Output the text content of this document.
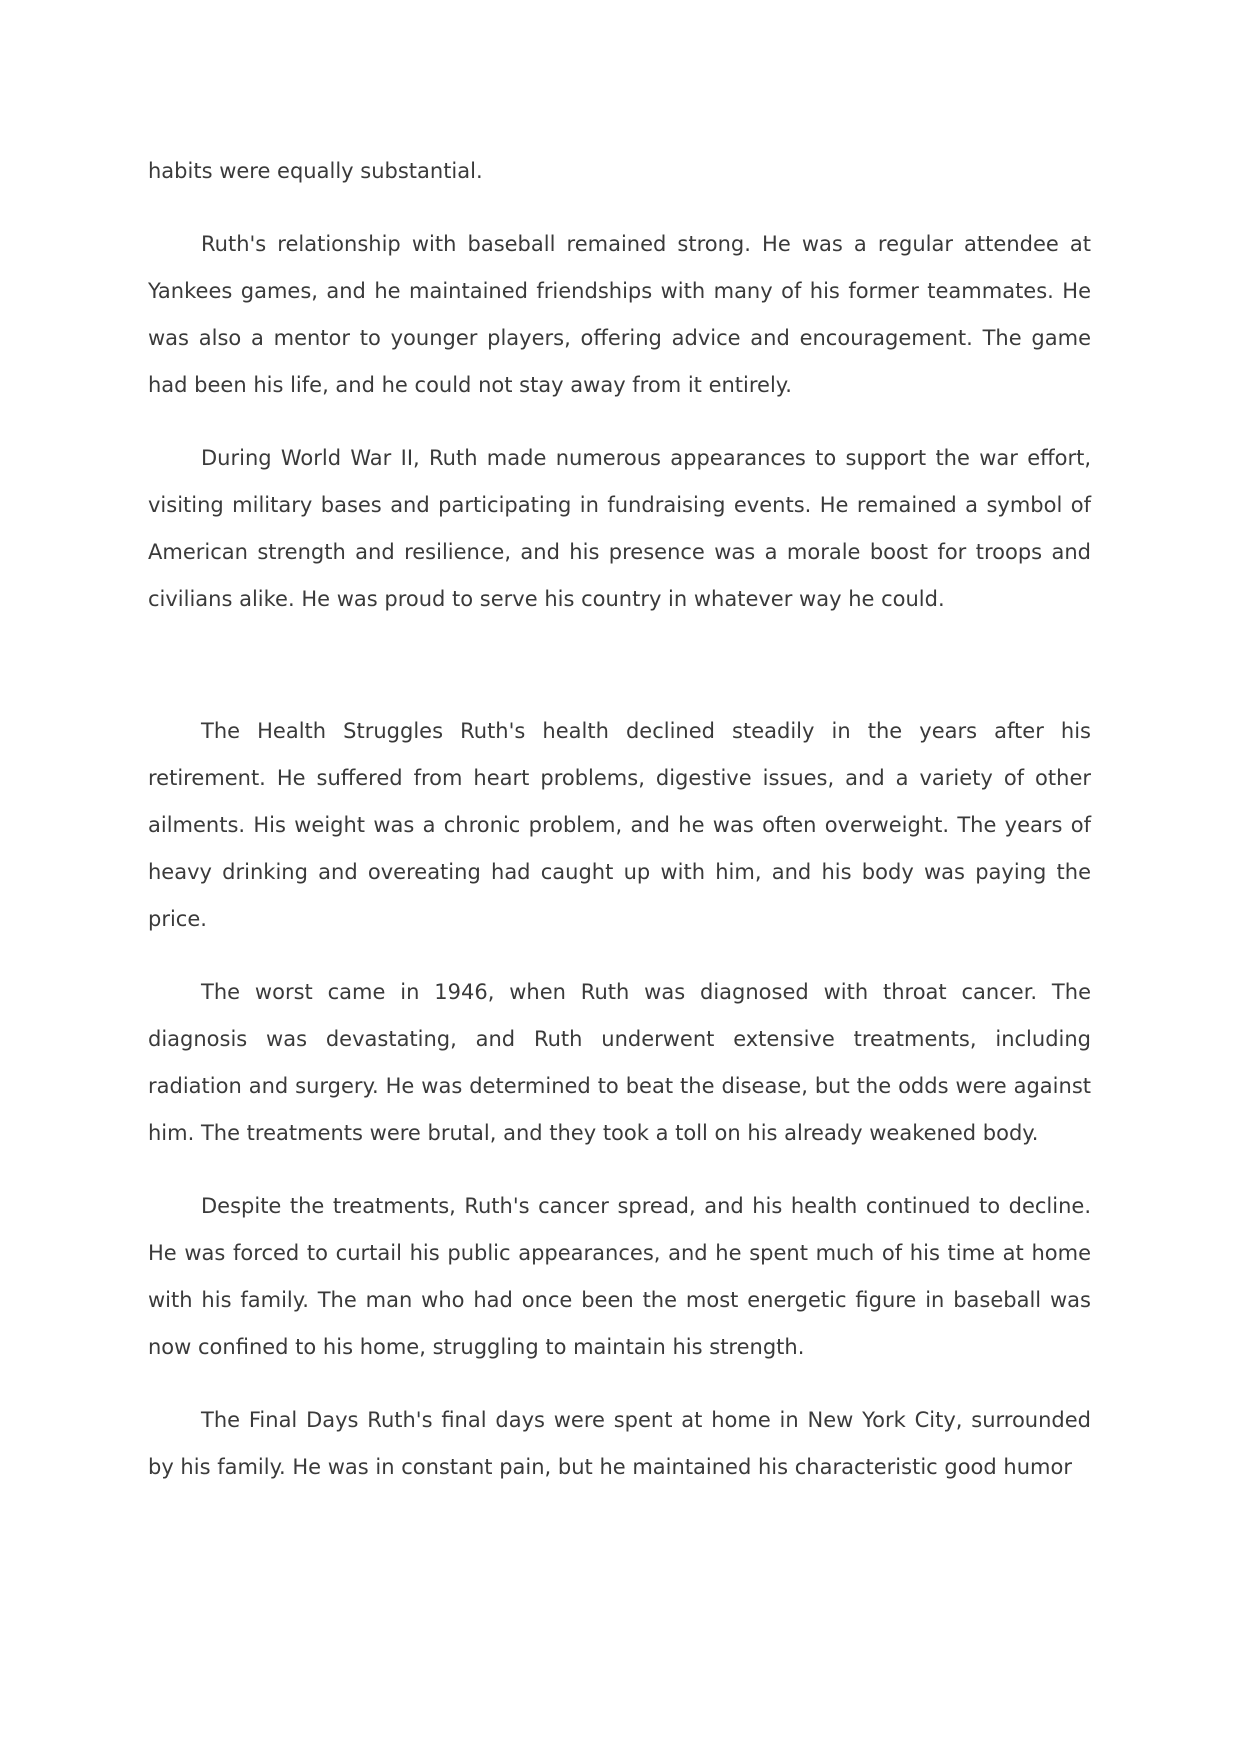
habits were equally substantial.

Ruth's relationship with baseball remained strong. He was a regular attendee at Yankees games, and he maintained friendships with many of his former teammates. He was also a mentor to younger players, offering advice and encouragement. The game had been his life, and he could not stay away from it entirely.

During World War II, Ruth made numerous appearances to support the war effort, visiting military bases and participating in fundraising events. He remained a symbol of American strength and resilience, and his presence was a morale boost for troops and civilians alike. He was proud to serve his country in whatever way he could.

The Health Struggles Ruth's health declined steadily in the years after his retirement. He suffered from heart problems, digestive issues, and a variety of other ailments. His weight was a chronic problem, and he was often overweight. The years of heavy drinking and overeating had caught up with him, and his body was paying the price.

The worst came in 1946, when Ruth was diagnosed with throat cancer. The diagnosis was devastating, and Ruth underwent extensive treatments, including radiation and surgery. He was determined to beat the disease, but the odds were against him. The treatments were brutal, and they took a toll on his already weakened body.

Despite the treatments, Ruth's cancer spread, and his health continued to decline. He was forced to curtail his public appearances, and he spent much of his time at home with his family. The man who had once been the most energetic figure in baseball was now confined to his home, struggling to maintain his strength.

The Final Days Ruth's final days were spent at home in New York City, surrounded by his family. He was in constant pain, but he maintained his characteristic good humor
